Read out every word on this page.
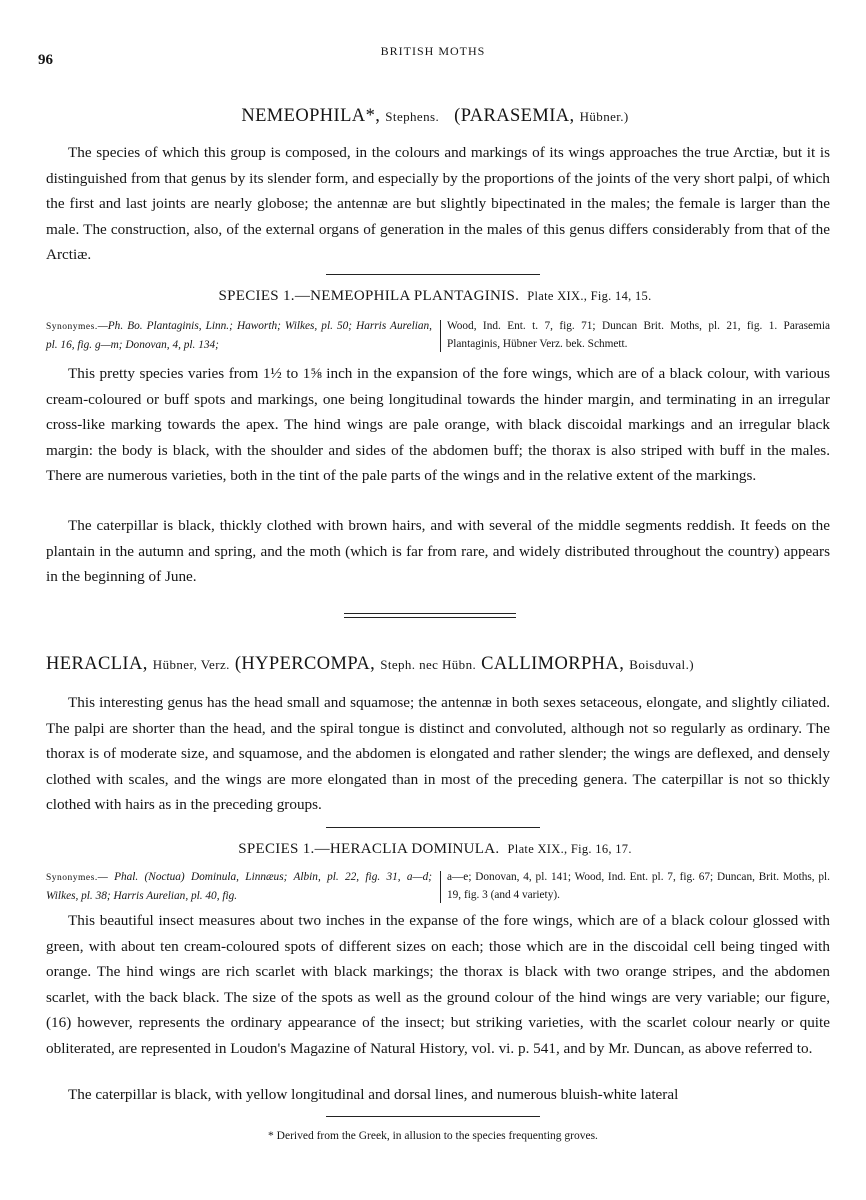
96
BRITISH MOTHS
NEMEOPHILA*, Stephens. (PARASEMIA, Hübner.)
The species of which this group is composed, in the colours and markings of its wings approaches the true Arctiæ, but it is distinguished from that genus by its slender form, and especially by the proportions of the joints of the very short palpi, of which the first and last joints are nearly globose; the antennæ are but slightly bipectinated in the males; the female is larger than the male. The construction, also, of the external organs of generation in the males of this genus differs considerably from that of the Arctiæ.
SPECIES 1.—NEMEOPHILA PLANTAGINIS. Plate XIX., Fig. 14, 15.
Synonymes.—Ph. Bo. Plantaginis, Linn.; Haworth; Wilkes, pl. 50; Harris Aurelian, pl. 16, fig. g—m; Donovan, 4, pl. 134;
Wood, Ind. Ent. t. 7, fig. 71; Duncan Brit. Moths, pl. 21, fig. 1. Parasemia Plantaginis, Hübner Verz. bek. Schmett.
This pretty species varies from 1½ to 1⅝ inch in the expansion of the fore wings, which are of a black colour, with various cream-coloured or buff spots and markings, one being longitudinal towards the hinder margin, and terminating in an irregular cross-like marking towards the apex. The hind wings are pale orange, with black discoidal markings and an irregular black margin: the body is black, with the shoulder and sides of the abdomen buff; the thorax is also striped with buff in the males. There are numerous varieties, both in the tint of the pale parts of the wings and in the relative extent of the markings.
The caterpillar is black, thickly clothed with brown hairs, and with several of the middle segments reddish. It feeds on the plantain in the autumn and spring, and the moth (which is far from rare, and widely distributed throughout the country) appears in the beginning of June.
HERACLIA, Hübner, Verz. (HYPERCOMPA, Steph. nec Hübn. CALLIMORPHA, Boisduval.)
This interesting genus has the head small and squamose; the antennæ in both sexes setaceous, elongate, and slightly ciliated. The palpi are shorter than the head, and the spiral tongue is distinct and convoluted, although not so regularly as ordinary. The thorax is of moderate size, and squamose, and the abdomen is elongated and rather slender; the wings are deflexed, and densely clothed with scales, and the wings are more elongated than in most of the preceding genera. The caterpillar is not so thickly clothed with hairs as in the preceding groups.
SPECIES 1.—HERACLIA DOMINULA. Plate XIX., Fig. 16, 17.
Synonymes.— Phal. (Noctua) Dominula, Linnæus; Albin, pl. 22, fig. 31, a—d; Wilkes, pl. 38; Harris Aurelian, pl. 40, fig.
a—e; Donovan, 4, pl. 141; Wood, Ind. Ent. pl. 7, fig. 67; Duncan, Brit. Moths, pl. 19, fig. 3 (and 4 variety).
This beautiful insect measures about two inches in the expanse of the fore wings, which are of a black colour glossed with green, with about ten cream-coloured spots of different sizes on each; those which are in the discoidal cell being tinged with orange. The hind wings are rich scarlet with black markings; the thorax is black with two orange stripes, and the abdomen scarlet, with the back black. The size of the spots as well as the ground colour of the hind wings are very variable; our figure, (16) however, represents the ordinary appearance of the insect; but striking varieties, with the scarlet colour nearly or quite obliterated, are represented in Loudon's Magazine of Natural History, vol. vi. p. 541, and by Mr. Duncan, as above referred to.
The caterpillar is black, with yellow longitudinal and dorsal lines, and numerous bluish-white lateral
* Derived from the Greek, in allusion to the species frequenting groves.
